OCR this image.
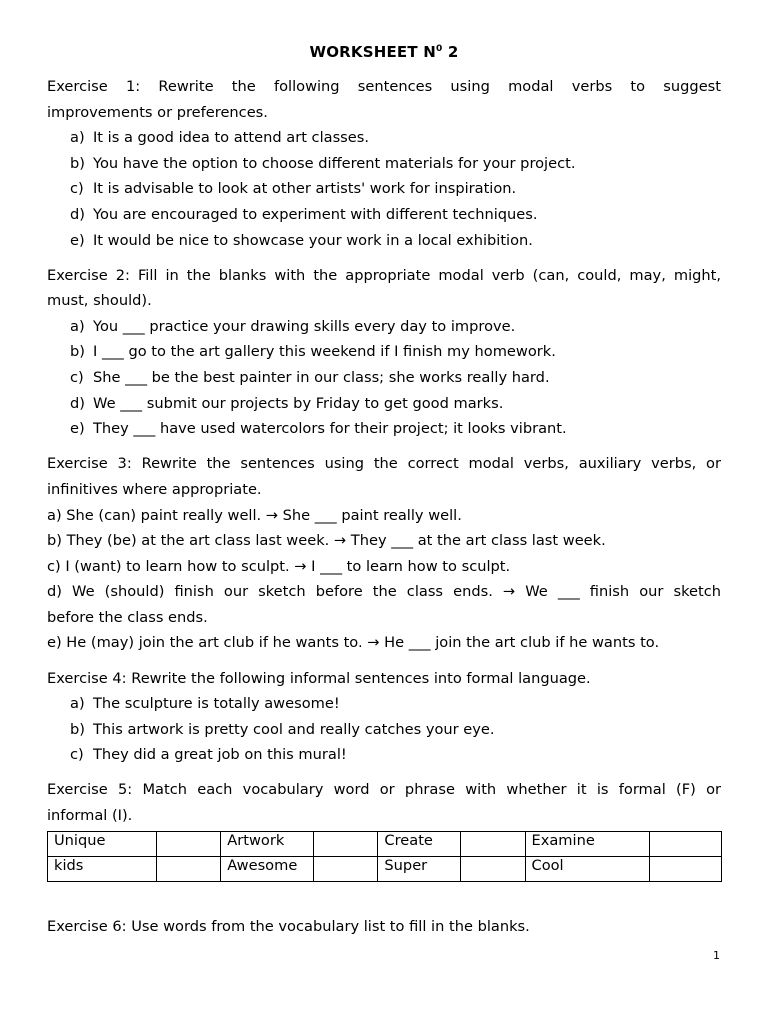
WORKSHEET $N^0$ 2
Exercise 1: Rewrite the following sentences using modal verbs to suggest
improvements or preferences.
a) It is a good idea to attend art classes.
b) You have the option to choose different materials for your project.
c) It is advisable to look at other artists' work for inspiration.
d) You are encouraged to experiment with different techniques.
e) It would be nice to showcase your work in a local exhibition.
Exercise 2: Fill in the blanks with the appropriate modal verb (can, could, may, might,
must, should).
a) You ___ practice your drawing skills every day to improve.
b) I ___ go to the art gallery this weekend if I finish my homework.
c) She ___ be the best painter in our class; she works really hard.
d) We ___ submit our projects by Friday to get good marks.
e) They ___ have used watercolors for their project; it looks vibrant.
Exercise 3: Rewrite the sentences using the correct modal verbs, auxiliary verbs, or
infinitives where appropriate.
a) She (can) paint really well. → She ___ paint really well.
b) They (be) at the art class last week. → They ___ at the art class last week.
c) I (want) to learn how to sculpt. → I ___ to learn how to sculpt.
d) We (should) finish our sketch before the class ends. → We ___ finish our sketch
before the class ends.
e) He (may) join the art club if he wants to. → He ___ join the art club if he wants to.
Exercise 4: Rewrite the following informal sentences into formal language.
a) The sculpture is totally awesome!
b) This artwork is pretty cool and really catches your eye.
c) They did a great job on this mural!
Exercise 5: Match each vocabulary word or phrase with whether it is formal (F) or
informal (I).
Unique		Artwork		Create		Examine	
kids		Awesome		Super		Cool	
Exercise 6: Use words from the vocabulary list to fill in the blanks.
1
